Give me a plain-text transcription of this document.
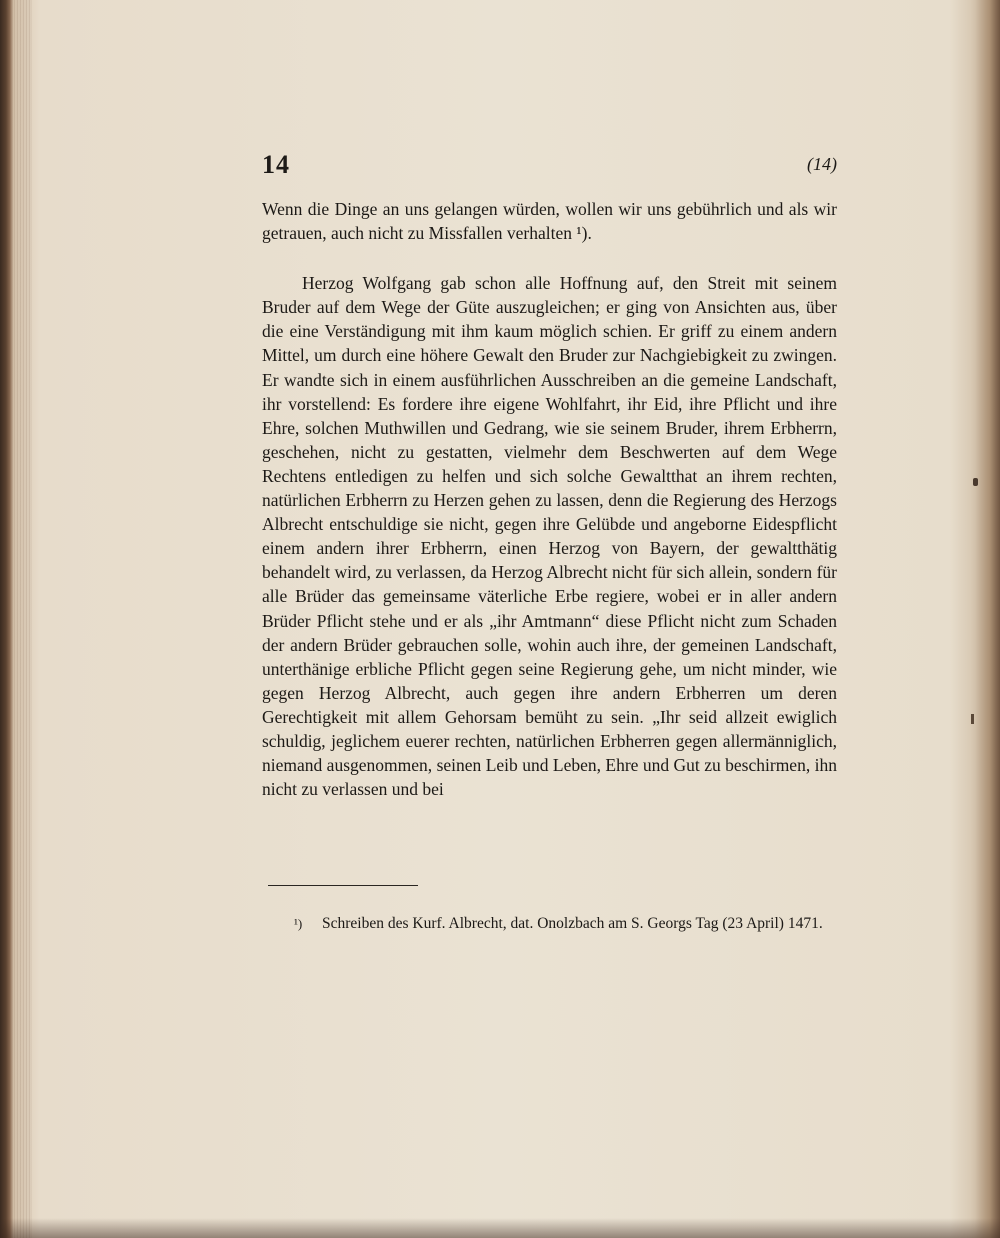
14	(14)

Wenn die Dinge an uns gelangen würden, wollen wir uns gebührlich und als wir getrauen, auch nicht zu Missfallen verhalten ¹).

Herzog Wolfgang gab schon alle Hoffnung auf, den Streit mit seinem Bruder auf dem Wege der Güte auszugleichen; er ging von Ansichten aus, über die eine Verständigung mit ihm kaum möglich schien. Er griff zu einem andern Mittel, um durch eine höhere Gewalt den Bruder zur Nachgiebigkeit zu zwingen. Er wandte sich in einem ausführlichen Ausschreiben an die gemeine Landschaft, ihr vorstellend: Es fordere ihre eigene Wohlfahrt, ihr Eid, ihre Pflicht und ihre Ehre, solchen Muthwillen und Gedrang, wie sie seinem Bruder, ihrem Erbherrn, geschehen, nicht zu gestatten, vielmehr dem Beschwerten auf dem Wege Rechtens entledigen zu helfen und sich solche Gewaltthat an ihrem rechten, natürlichen Erbherrn zu Herzen gehen zu lassen, denn die Regierung des Herzogs Albrecht entschuldige sie nicht, gegen ihre Gelübde und angeborne Eidespflicht einem andern ihrer Erbherrn, einen Herzog von Bayern, der gewaltthätig behandelt wird, zu verlassen, da Herzog Albrecht nicht für sich allein, sondern für alle Brüder das gemeinsame väterliche Erbe regiere, wobei er in aller andern Brüder Pflicht stehe und er als „ihr Amtmann“ diese Pflicht nicht zum Schaden der andern Brüder gebrauchen solle, wohin auch ihre, der gemeinen Landschaft, unterthänige erbliche Pflicht gegen seine Regierung gehe, um nicht minder, wie gegen Herzog Albrecht, auch gegen ihre andern Erbherren um deren Gerechtigkeit mit allem Gehorsam bemüht zu sein. „Ihr seid allzeit ewiglich schuldig, jeglichem euerer rechten, natürlichen Erbherren gegen allermänniglich, niemand ausgenommen, seinen Leib und Leben, Ehre und Gut zu beschirmen, ihn nicht zu verlassen und bei

¹)	Schreiben des Kurf. Albrecht, dat. Onolzbach am S. Georgs Tag (23 April) 1471.
